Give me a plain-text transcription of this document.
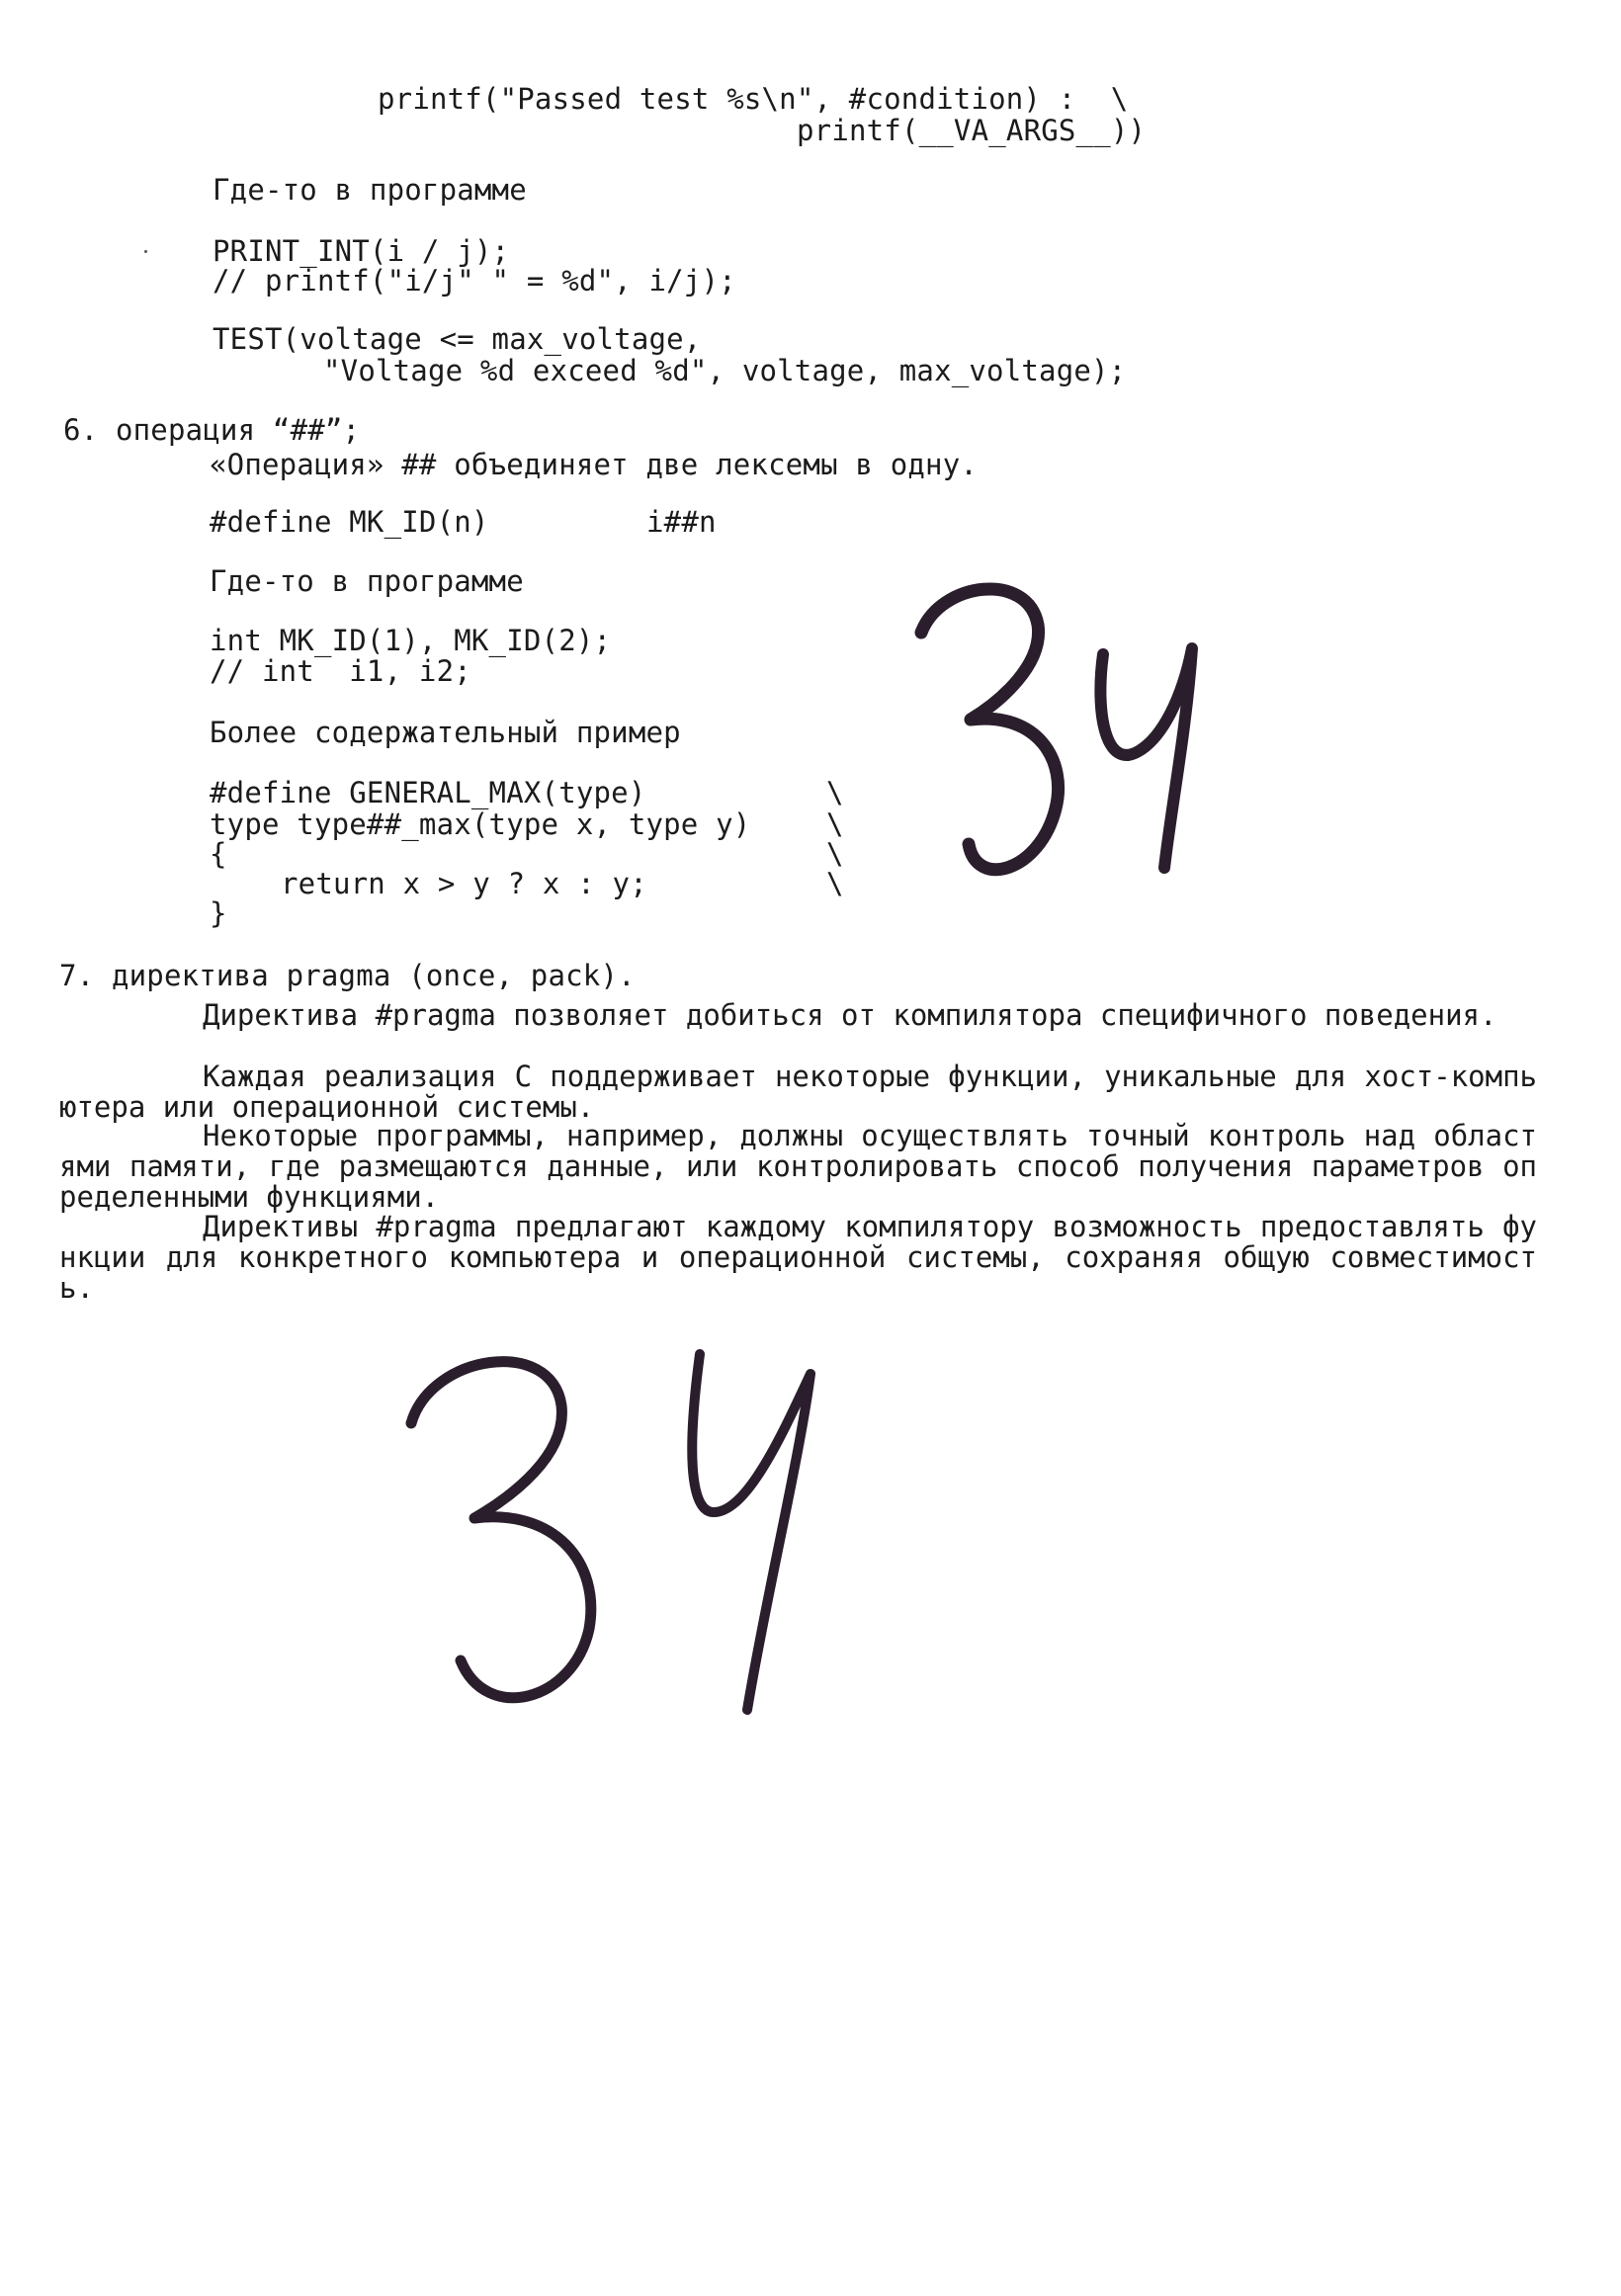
printf("Passed test %s\n", #condition) :  \
printf(__VA_ARGS__))
Где-то в программе
PRINT_INT(i / j);
// printf("i/j" " = %d", i/j);
TEST(voltage <= max_voltage,
"Voltage %d exceed %d", voltage, max_voltage);
6. операция “##”;
«Операция» ## объединяет две лексемы в одну.
#define MK_ID(n)	i##n
Где-то в программе
int MK_ID(1), MK_ID(2);
// int  i1, i2;
Более содержательный пример
#define GENERAL_MAX(type)
type type##_max(type x, type y)
{
return x > y ? x : y;
}
\
\
\
\
7. директива pragma (once, pack).
Директива #pragma позволяет добиться от компилятора специфичного поведения.
Каждая реализация С поддерживает некоторые функции, уникальные для хост-компьютера или операционной системы.
Некоторые программы, например, должны осуществлять точный контроль над областями памяти, где размещаются данные, или контролировать способ получения параметров определенными функциями.
Директивы #pragma предлагают каждому компилятору возможность предоставлять функции для конкретного компьютера и операционной системы, сохраняя общую совместимость.
